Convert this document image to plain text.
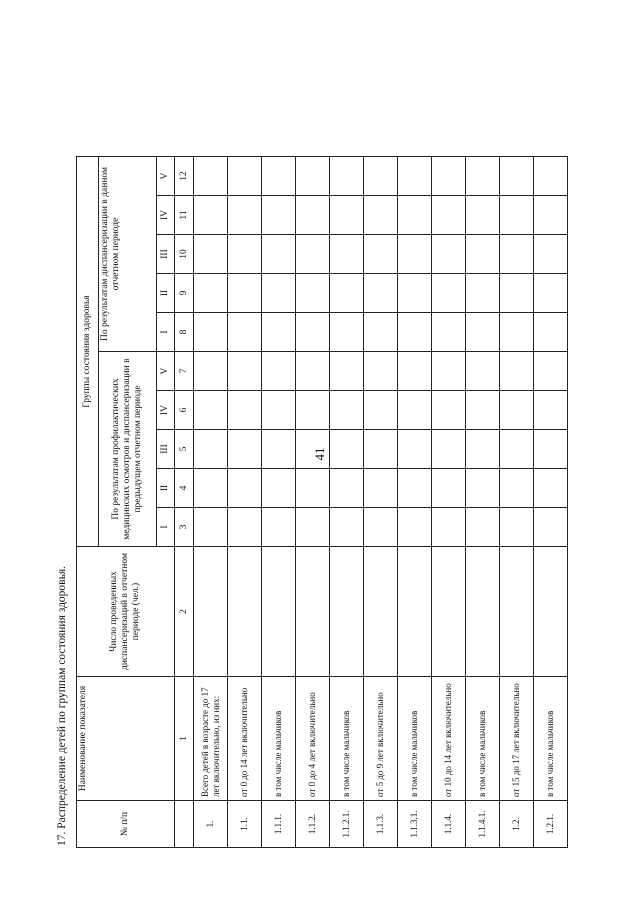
41
17. Распределение детей по группам состояния здоровья.	№ п/п	Наименование показателя	Число проведенных диспансеризаций в отчетном периоде (чел.)	Группы состояния здоровья									
			По результатам профилактических медицинских осмотров и диспансеризации в предыдущем отчетном периоде					По результатам диспансеризации в данном отчетном периоде				
			I	II	III	IV	V	I	II	III	IV	V
	1	2	3	4	5	6	7	8	9	10	11	12
1.	Всего детей в возрасте до 17 лет включительно, из них:											
1.1.	от 0 до 14 лет включительно											
1.1.1.	в том числе мальчиков											
1.1.2.	от 0 до 4 лет включительно											
1.1.2.1.	в том числе мальчиков											
1.1.3.	от 5 до 9 лет включительно											
1.1.3.1.	в том числе мальчиков											
1.1.4.	от 10 до 14 лет включительно											
1.1.4.1.	в том числе мальчиков											
1.2.	от 15 до 17 лет включительно											
1.2.1.	в том числе мальчиков											
